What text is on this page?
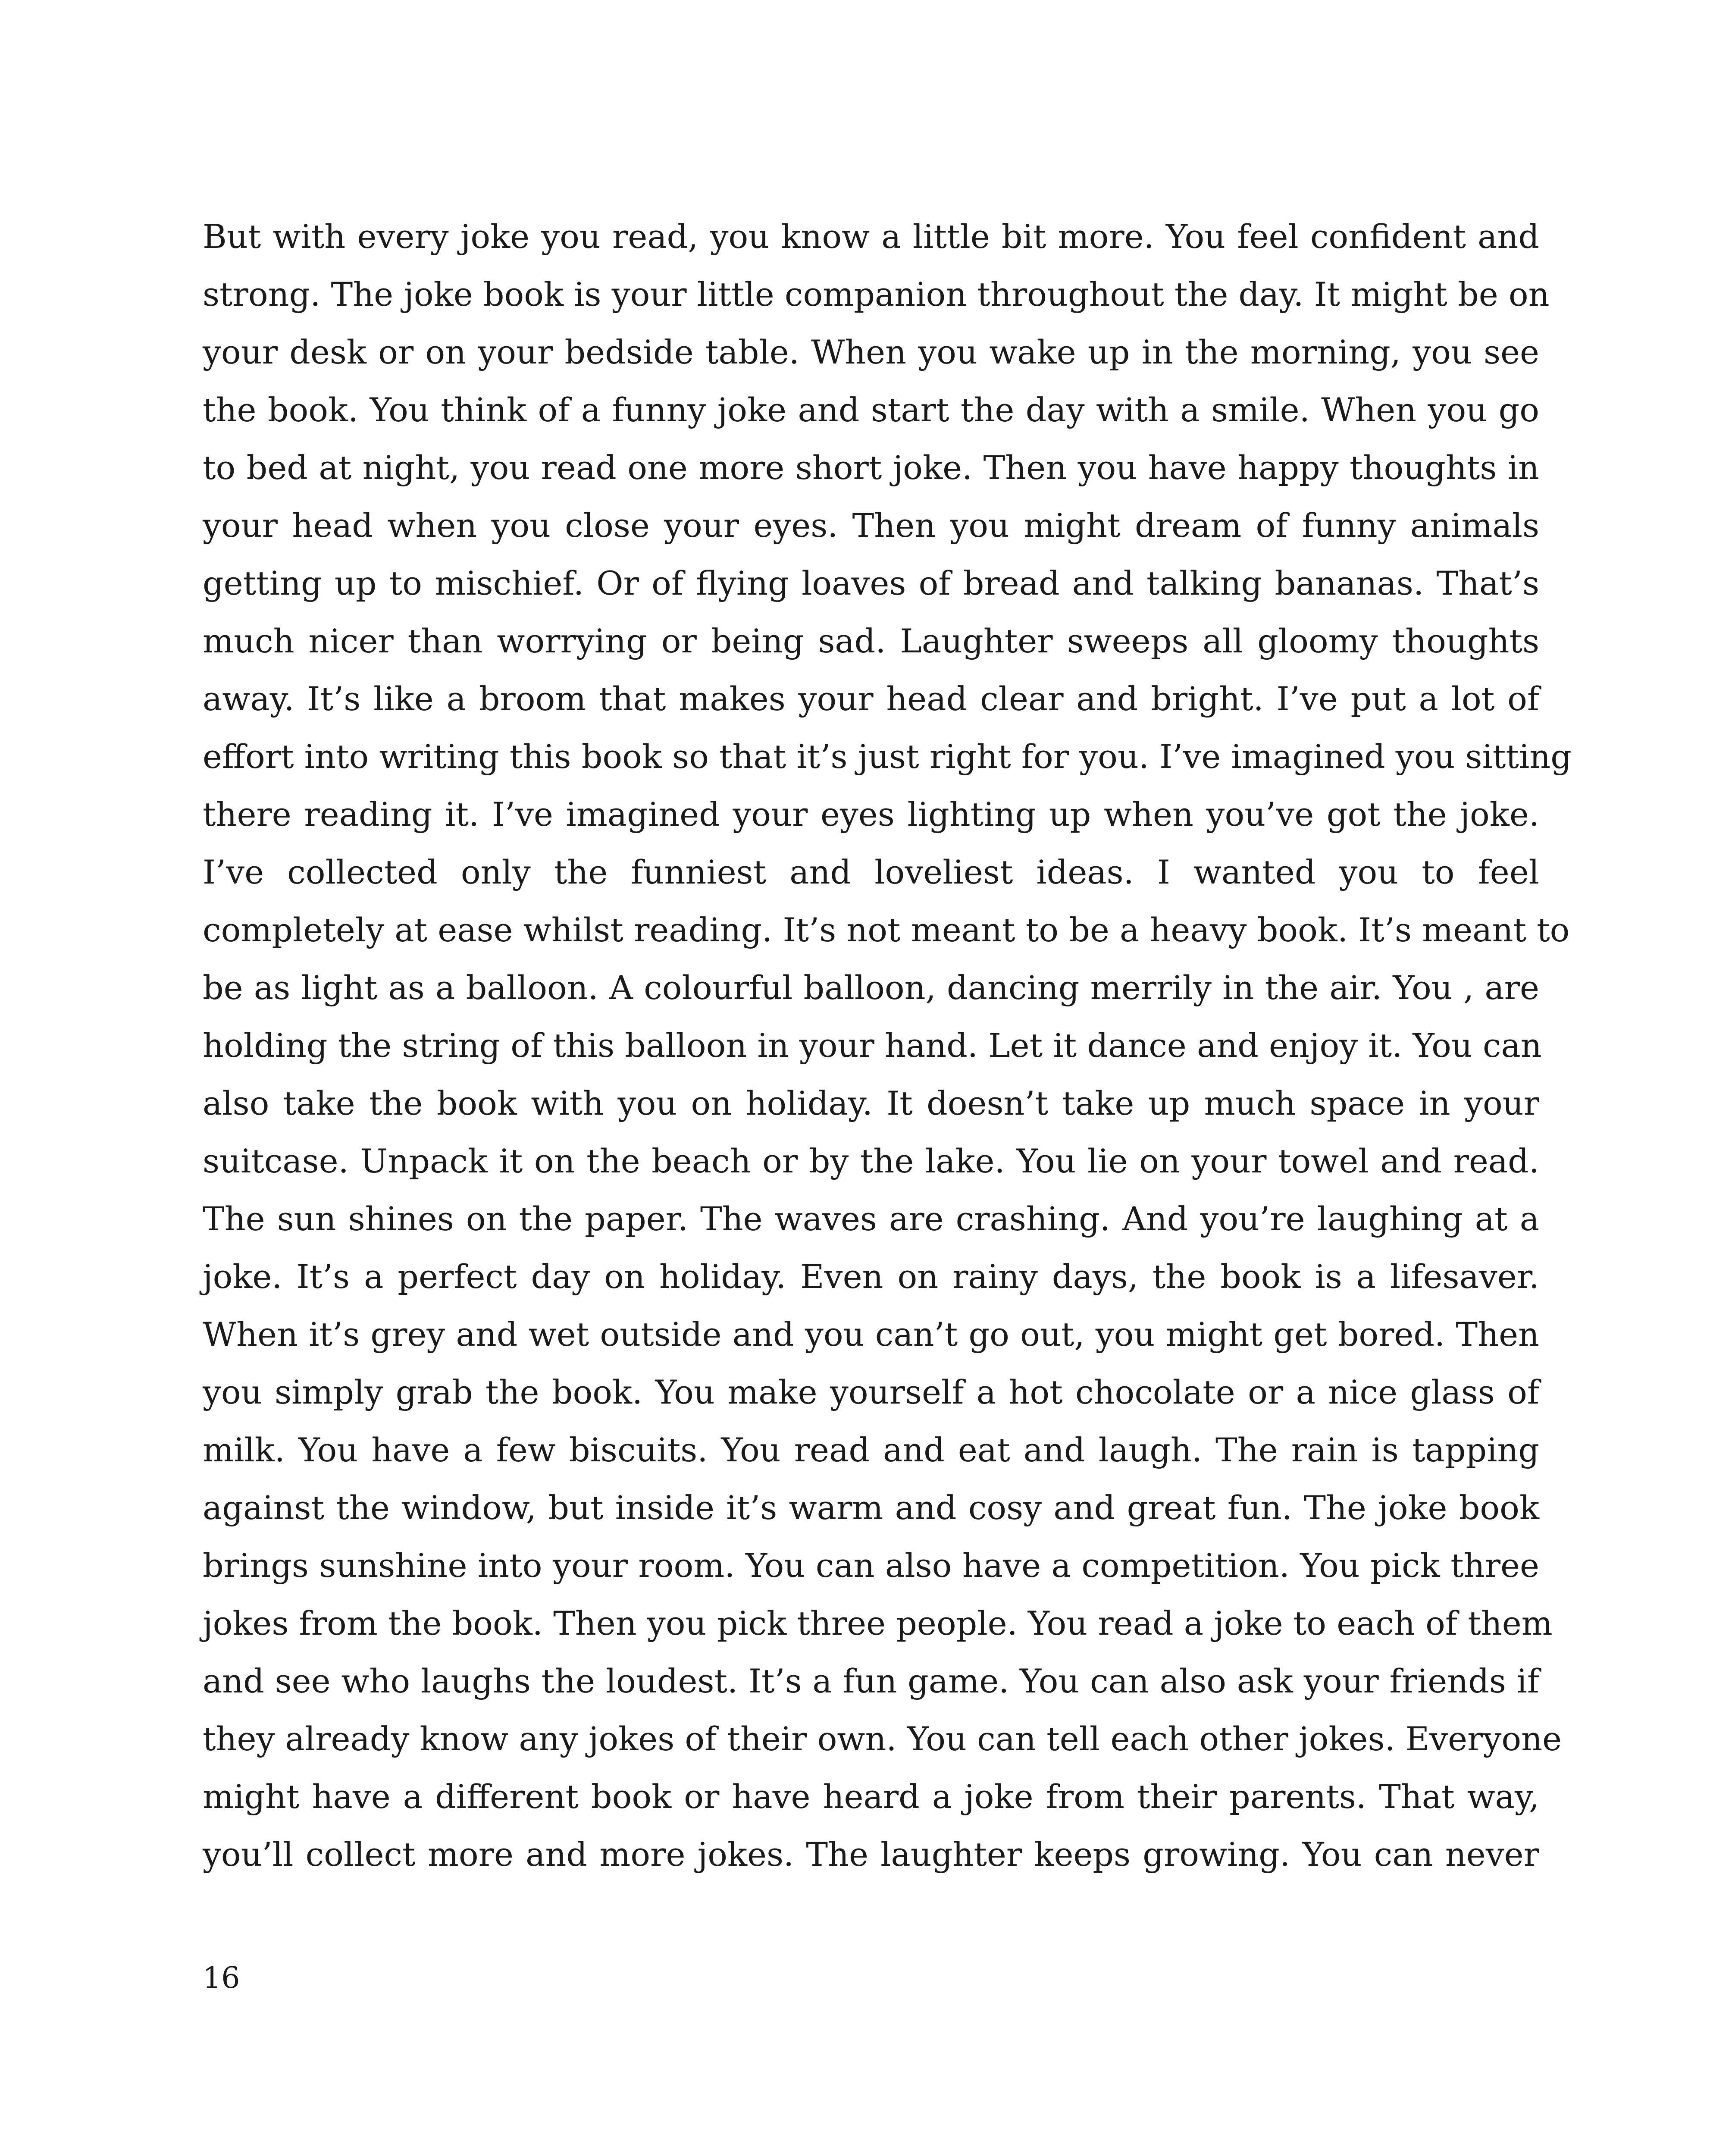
But with every joke you read, you know a little bit more. You feel confident and
strong. The joke book is your little companion throughout the day. It might be on
your desk or on your bedside table. When you wake up in the morning, you see
the book. You think of a funny joke and start the day with a smile. When you go
to bed at night, you read one more short joke. Then you have happy thoughts in
your head when you close your eyes. Then you might dream of funny animals
getting up to mischief. Or of flying loaves of bread and talking bananas. That’s
much nicer than worrying or being sad. Laughter sweeps all gloomy thoughts
away. It’s like a broom that makes your head clear and bright. I’ve put a lot of
effort into writing this book so that it’s just right for you. I’ve imagined you sitting
there reading it. I’ve imagined your eyes lighting up when you’ve got the joke.
I’ve collected only the funniest and loveliest ideas. I wanted you to feel
completely at ease whilst reading. It’s not meant to be a heavy book. It’s meant to
be as light as a balloon. A colourful balloon, dancing merrily in the air. You , are
holding the string of this balloon in your hand. Let it dance and enjoy it. You can
also take the book with you on holiday. It doesn’t take up much space in your
suitcase. Unpack it on the beach or by the lake. You lie on your towel and read.
The sun shines on the paper. The waves are crashing. And you’re laughing at a
joke. It’s a perfect day on holiday. Even on rainy days, the book is a lifesaver.
When it’s grey and wet outside and you can’t go out, you might get bored. Then
you simply grab the book. You make yourself a hot chocolate or a nice glass of
milk. You have a few biscuits. You read and eat and laugh. The rain is tapping
against the window, but inside it’s warm and cosy and great fun. The joke book
brings sunshine into your room. You can also have a competition. You pick three
jokes from the book. Then you pick three people. You read a joke to each of them
and see who laughs the loudest. It’s a fun game. You can also ask your friends if
they already know any jokes of their own. You can tell each other jokes. Everyone
might have a different book or have heard a joke from their parents. That way,
you’ll collect more and more jokes. The laughter keeps growing. You can never
16
